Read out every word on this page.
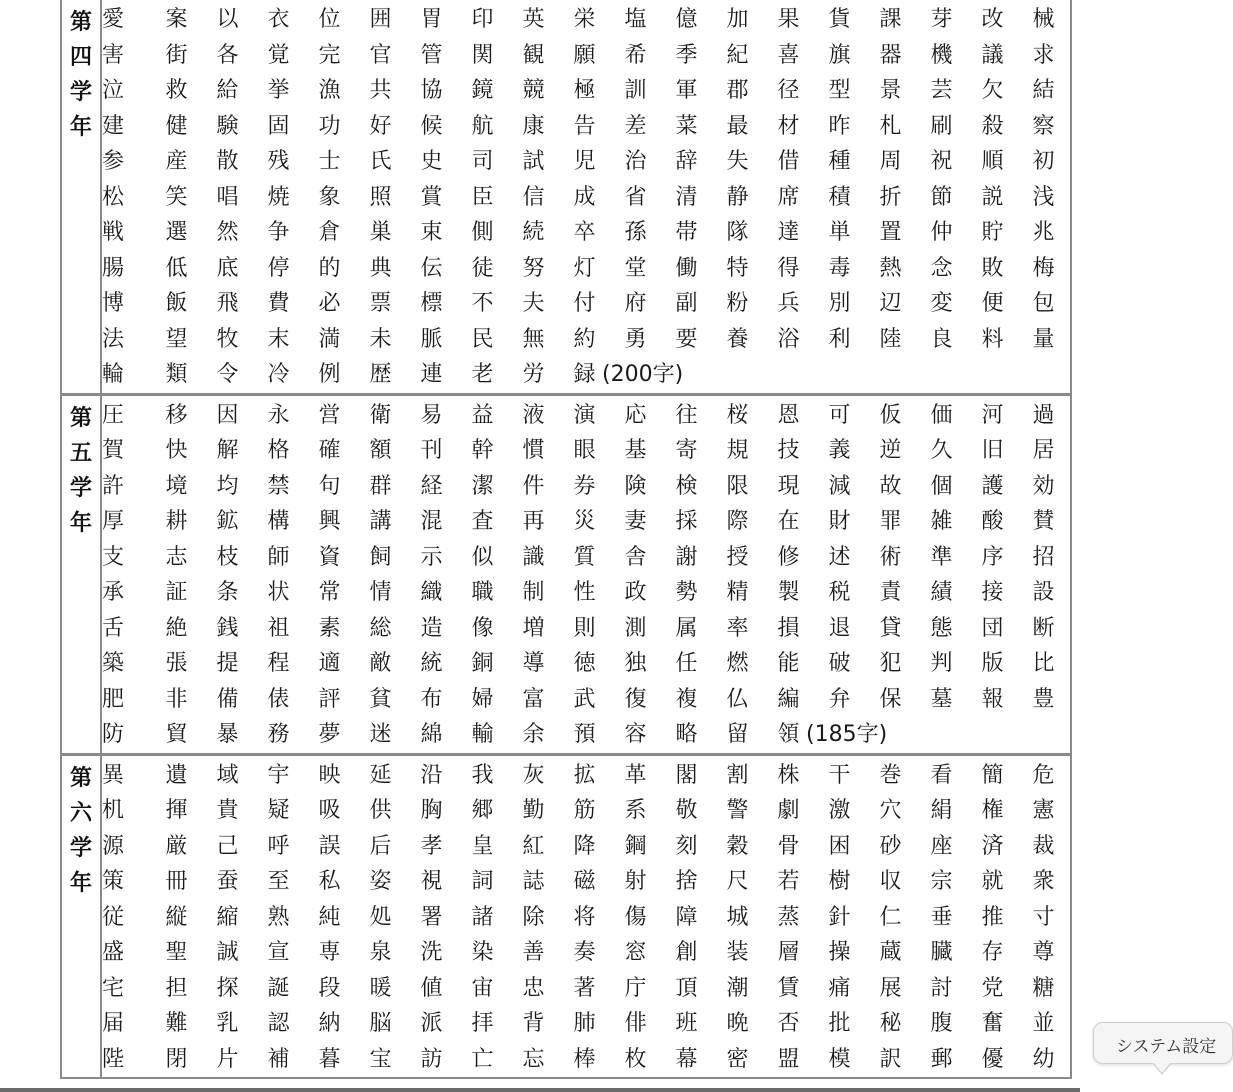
第
四
学
年
愛	案	以	衣	位	囲	胃	印	英	栄	塩	億	加	果	貨	課	芽	改	械
害	街	各	覚	完	官	管	関	観	願	希	季	紀	喜	旗	器	機	議	求
泣	救	給	挙	漁	共	協	鏡	競	極	訓	軍	郡	径	型	景	芸	欠	結
建	健	験	固	功	好	候	航	康	告	差	菜	最	材	昨	札	刷	殺	察
参	産	散	残	士	氏	史	司	試	児	治	辞	失	借	種	周	祝	順	初
松	笑	唱	焼	象	照	賞	臣	信	成	省	清	静	席	積	折	節	説	浅
戦	選	然	争	倉	巣	束	側	続	卒	孫	帯	隊	達	単	置	仲	貯	兆
腸	低	底	停	的	典	伝	徒	努	灯	堂	働	特	得	毒	熱	念	敗	梅
博	飯	飛	費	必	票	標	不	夫	付	府	副	粉	兵	別	辺	変	便	包
法	望	牧	末	満	未	脈	民	無	約	勇	要	養	浴	利	陸	良	料	量
輪	類	令	冷	例	歴	連	老	労	録 (200字)
第
五
学
年
圧	移	因	永	営	衛	易	益	液	演	応	往	桜	恩	可	仮	価	河	過
賀	快	解	格	確	額	刊	幹	慣	眼	基	寄	規	技	義	逆	久	旧	居
許	境	均	禁	句	群	経	潔	件	券	険	検	限	現	減	故	個	護	効
厚	耕	鉱	構	興	講	混	査	再	災	妻	採	際	在	財	罪	雑	酸	賛
支	志	枝	師	資	飼	示	似	識	質	舎	謝	授	修	述	術	準	序	招
承	証	条	状	常	情	織	職	制	性	政	勢	精	製	税	責	績	接	設
舌	絶	銭	祖	素	総	造	像	増	則	測	属	率	損	退	貸	態	団	断
築	張	提	程	適	敵	統	銅	導	徳	独	任	燃	能	破	犯	判	版	比
肥	非	備	俵	評	貧	布	婦	富	武	復	複	仏	編	弁	保	墓	報	豊
防	貿	暴	務	夢	迷	綿	輸	余	預	容	略	留	領 (185字)
第
六
学
年
異	遺	域	宇	映	延	沿	我	灰	拡	革	閣	割	株	干	巻	看	簡	危
机	揮	貴	疑	吸	供	胸	郷	勤	筋	系	敬	警	劇	激	穴	絹	権	憲
源	厳	己	呼	誤	后	孝	皇	紅	降	鋼	刻	穀	骨	困	砂	座	済	裁
策	冊	蚕	至	私	姿	視	詞	誌	磁	射	捨	尺	若	樹	収	宗	就	衆
従	縦	縮	熟	純	処	署	諸	除	将	傷	障	城	蒸	針	仁	垂	推	寸
盛	聖	誠	宣	専	泉	洗	染	善	奏	窓	創	装	層	操	蔵	臓	存	尊
宅	担	探	誕	段	暖	値	宙	忠	著	庁	頂	潮	賃	痛	展	討	党	糖
届	難	乳	認	納	脳	派	拝	背	肺	俳	班	晩	否	批	秘	腹	奮	並
陛	閉	片	補	暮	宝	訪	亡	忘	棒	枚	幕	密	盟	模	訳	郵	優	幼	システム設定
